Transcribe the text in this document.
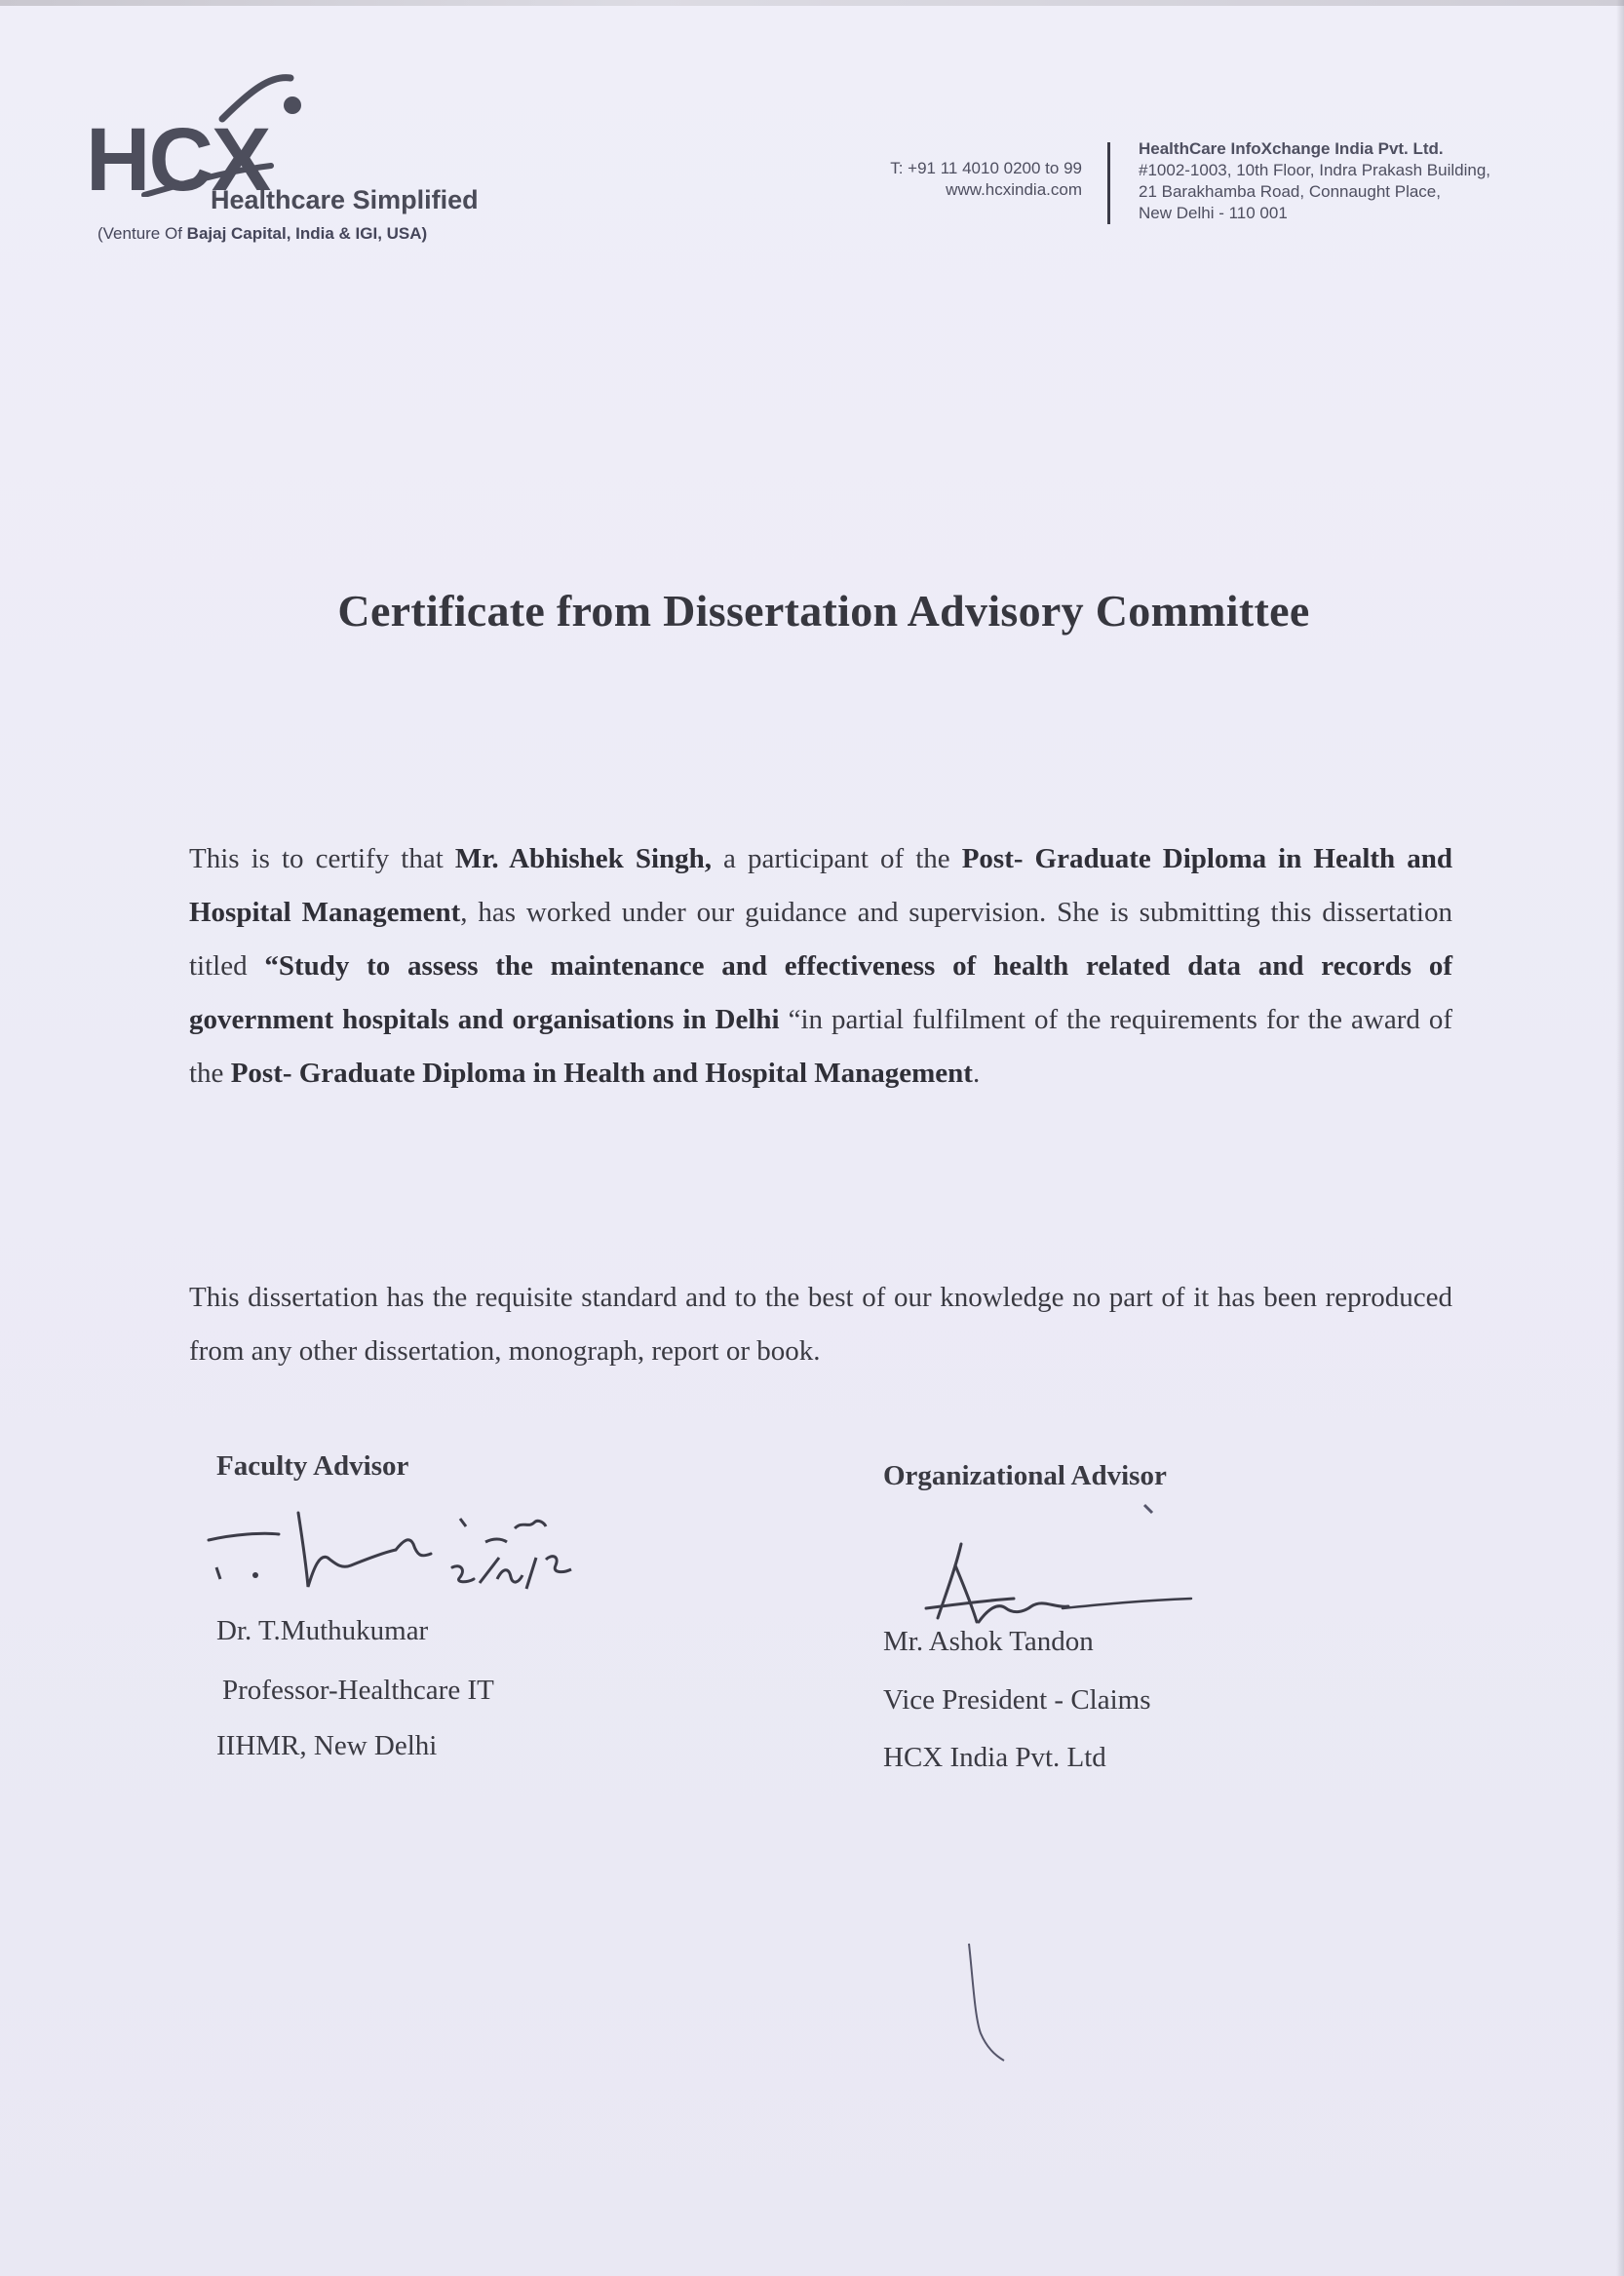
HCX
Healthcare Simplified
(Venture Of Bajaj Capital, India & IGI, USA)
T: +91 11 4010 0200 to 99
www.hcxindia.com
HealthCare InfoXchange India Pvt. Ltd.
#1002-1003, 10th Floor, Indra Prakash Building,
21 Barakhamba Road, Connaught Place,
New Delhi - 110 001
Certificate from Dissertation Advisory Committee
This is to certify that Mr. Abhishek Singh, a participant of the Post- Graduate Diploma in Health and Hospital Management, has worked under our guidance and supervision. She is submitting this dissertation titled “Study to assess the maintenance and effectiveness of health related data and records of government hospitals and organisations in Delhi “in partial fulfilment of the requirements for the award of the Post- Graduate Diploma in Health and Hospital Management.
This dissertation has the requisite standard and to the best of our knowledge no part of it has been reproduced from any other dissertation, monograph, report or book.
Faculty Advisor
Dr. T.Muthukumar
Professor-Healthcare IT
IIHMR, New Delhi
Organizational Advisor
Mr. Ashok Tandon
Vice President - Claims
HCX India Pvt. Ltd
